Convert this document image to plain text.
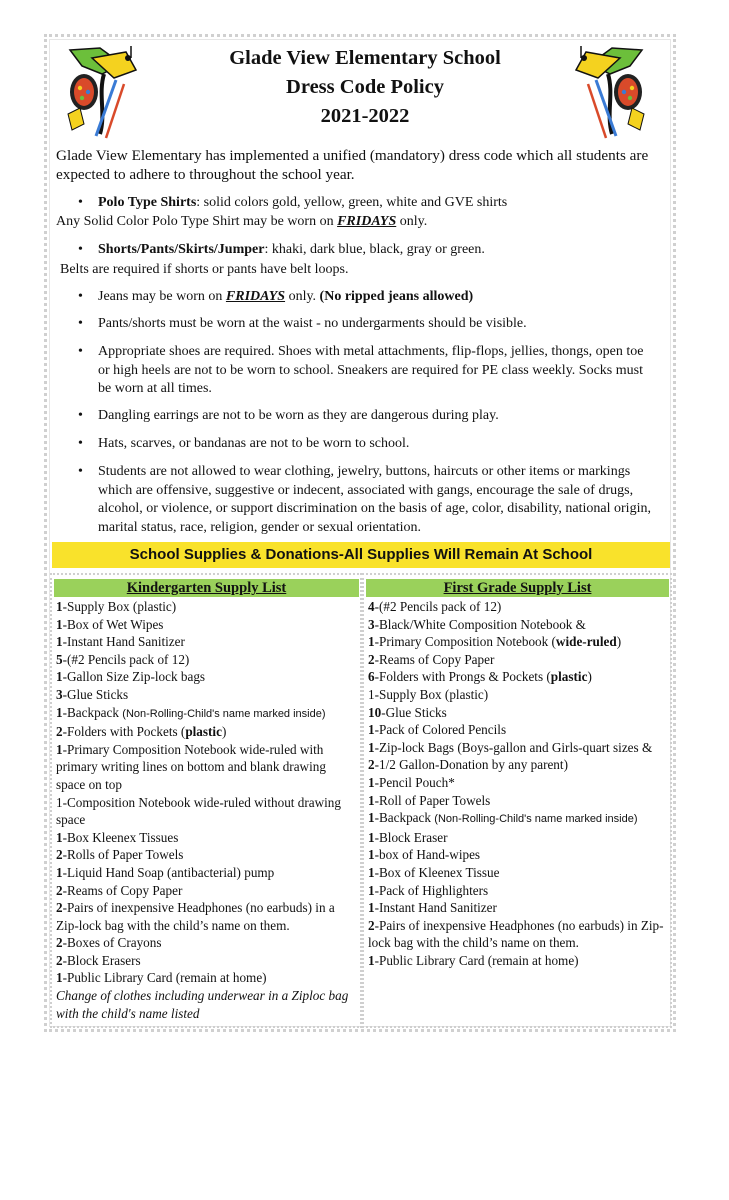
Glade View Elementary School
Dress Code Policy
2021-2022
Glade View Elementary has implemented a unified (mandatory) dress code which all students are expected to adhere to throughout the school year.
• Polo Type Shirts: solid colors gold, yellow, green, white and GVE shirts
Any Solid Color Polo Type Shirt may be worn on FRIDAYS only.
• Shorts/Pants/Skirts/Jumper: khaki, dark blue, black, gray or green.
Belts are required if shorts or pants have belt loops.
• Jeans may be worn on FRIDAYS only. (No ripped jeans allowed)
• Pants/shorts must be worn at the waist - no undergarments should be visible.
• Appropriate shoes are required. Shoes with metal attachments, flip-flops, jellies, thongs, open toe or high heels are not to be worn to school. Sneakers are required for PE class weekly. Socks must be worn at all times.
• Dangling earrings are not to be worn as they are dangerous during play.
• Hats, scarves, or bandanas are not to be worn to school.
• Students are not allowed to wear clothing, jewelry, buttons, haircuts or other items or markings which are offensive, suggestive or indecent, associated with gangs, encourage the sale of drugs, alcohol, or violence, or support discrimination on the basis of age, color, disability, national origin, marital status, race, religion, gender or sexual orientation.
School Supplies & Donations-All Supplies Will Remain At School
Kindergarten Supply List
1-Supply Box (plastic)
1-Box of Wet Wipes
1-Instant Hand Sanitizer
5-(#2 Pencils pack of 12)
1-Gallon Size Zip-lock bags
3-Glue Sticks
1-Backpack (Non-Rolling-Child's name marked inside)
2-Folders with Pockets (plastic)
1-Primary Composition Notebook wide-ruled with primary writing lines on bottom and blank drawing space on top
1-Composition Notebook wide-ruled without drawing space
1-Box Kleenex Tissues
2-Rolls of Paper Towels
1-Liquid Hand Soap (antibacterial) pump
2-Reams of Copy Paper
2-Pairs of inexpensive Headphones (no earbuds) in a Zip-lock bag with the child’s name on them.
2-Boxes of Crayons
2-Block Erasers
1-Public Library Card (remain at home)
Change of clothes including underwear in a Ziploc bag with the child's name listed
First Grade Supply List
4-(#2 Pencils pack of 12)
3-Black/White Composition Notebook &
1-Primary Composition Notebook (wide-ruled)
2-Reams of Copy Paper
6-Folders with Prongs & Pockets (plastic)
1-Supply Box (plastic)
10-Glue Sticks
1-Pack of Colored Pencils
1-Zip-lock Bags (Boys-gallon and Girls-quart sizes & 2-1/2 Gallon-Donation by any parent)
1-Pencil Pouch*
1-Roll of Paper Towels
1-Backpack (Non-Rolling-Child's name marked inside)
1-Block Eraser
1-box of Hand-wipes
1-Box of Kleenex Tissue
1-Pack of Highlighters
1-Instant Hand Sanitizer
2-Pairs of inexpensive Headphones (no earbuds) in Zip-lock bag with the child’s name on them.
1-Public Library Card (remain at home)
